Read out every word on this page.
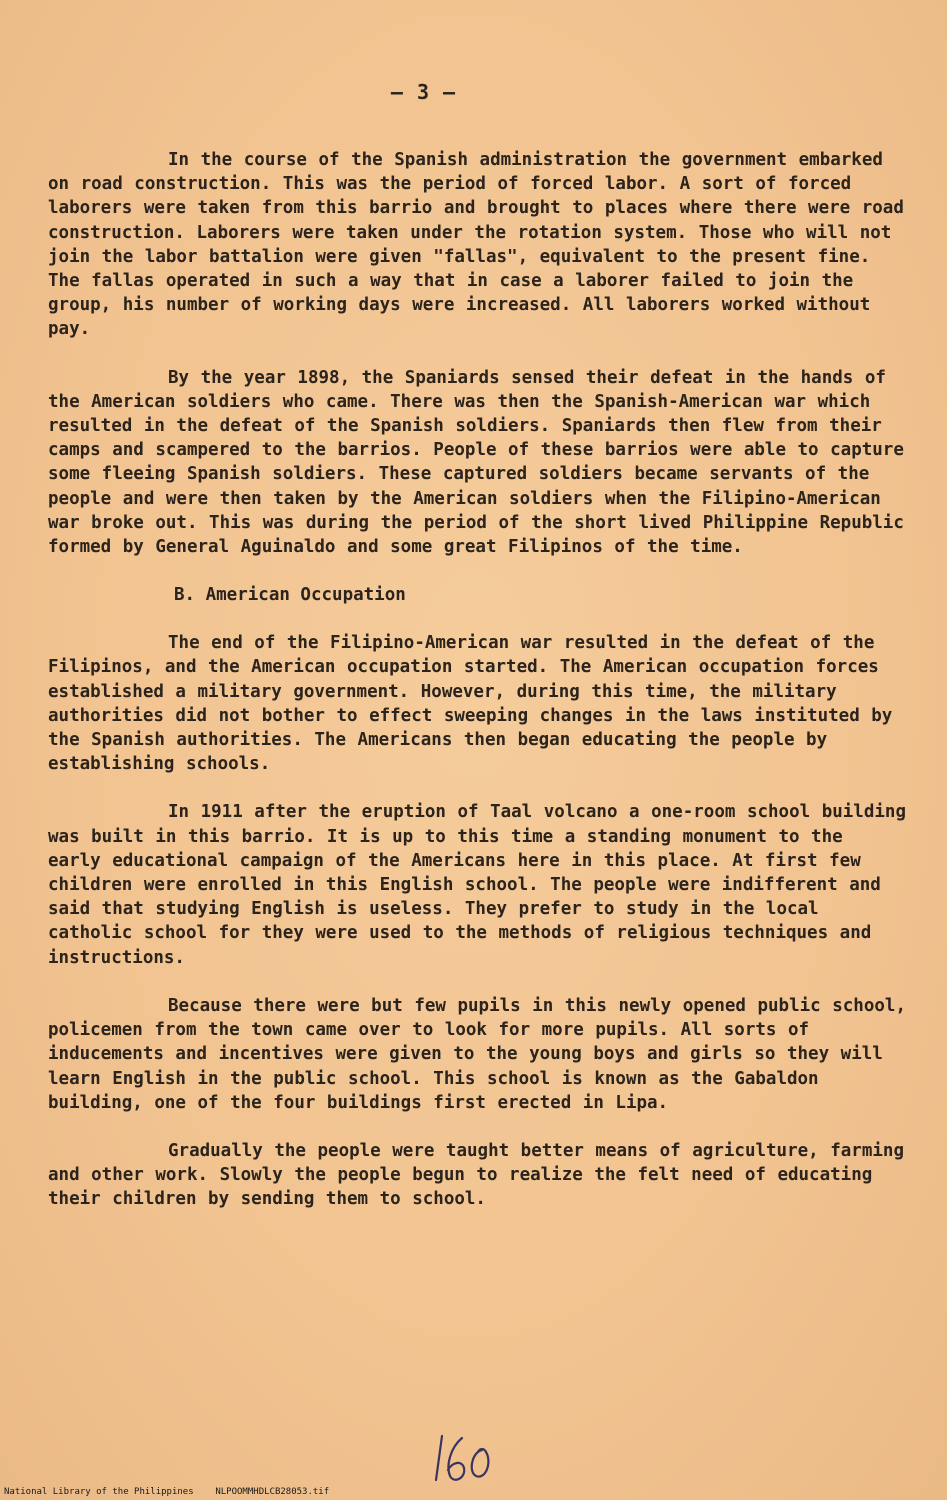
— 3 —

In the course of the Spanish administration the government embarked on road construction. This was the period of forced labor. A sort of forced laborers were taken from this barrio and brought to places where there were road construction. Laborers were taken under the rotation system. Those who will not join the labor battalion were given "fallas", equivalent to the present fine. The fallas operated in such a way that in case a laborer failed to join the group, his number of working days were increased. All laborers worked without pay.

By the year 1898, the Spaniards sensed their defeat in the hands of the American soldiers who came. There was then the Spanish-American war which resulted in the defeat of the Spanish soldiers. Spaniards then flew from their camps and scampered to the barrios. People of these barrios were able to capture some fleeing Spanish soldiers. These captured soldiers became servants of the people and were then taken by the American soldiers when the Filipino-American war broke out. This was during the period of the short lived Philippine Republic formed by General Aguinaldo and some great Filipinos of the time.

B. American Occupation

The end of the Filipino-American war resulted in the defeat of the Filipinos, and the American occupation started. The American occupation forces established a military government. However, during this time, the military authorities did not bother to effect sweeping changes in the laws instituted by the Spanish authorities. The Americans then began educating the people by establishing schools.

In 1911 after the eruption of Taal volcano a one-room school building was built in this barrio. It is up to this time a standing monument to the early educational campaign of the Americans here in this place. At first few children were enrolled in this English school. The people were indifferent and said that studying English is useless. They prefer to study in the local catholic school for they were used to the methods of religious techniques and instructions.

Because there were but few pupils in this newly opened public school, policemen from the town came over to look for more pupils. All sorts of inducements and incentives were given to the young boys and girls so they will learn English in the public school. This school is known as the Gabaldon building, one of the four buildings first erected in Lipa.

Gradually the people were taught better means of agriculture, farming and other work. Slowly the people begun to realize the felt need of educating their children by sending them to school.

National Library of the Philippines NLPOOMMHDLCB28053.tif
